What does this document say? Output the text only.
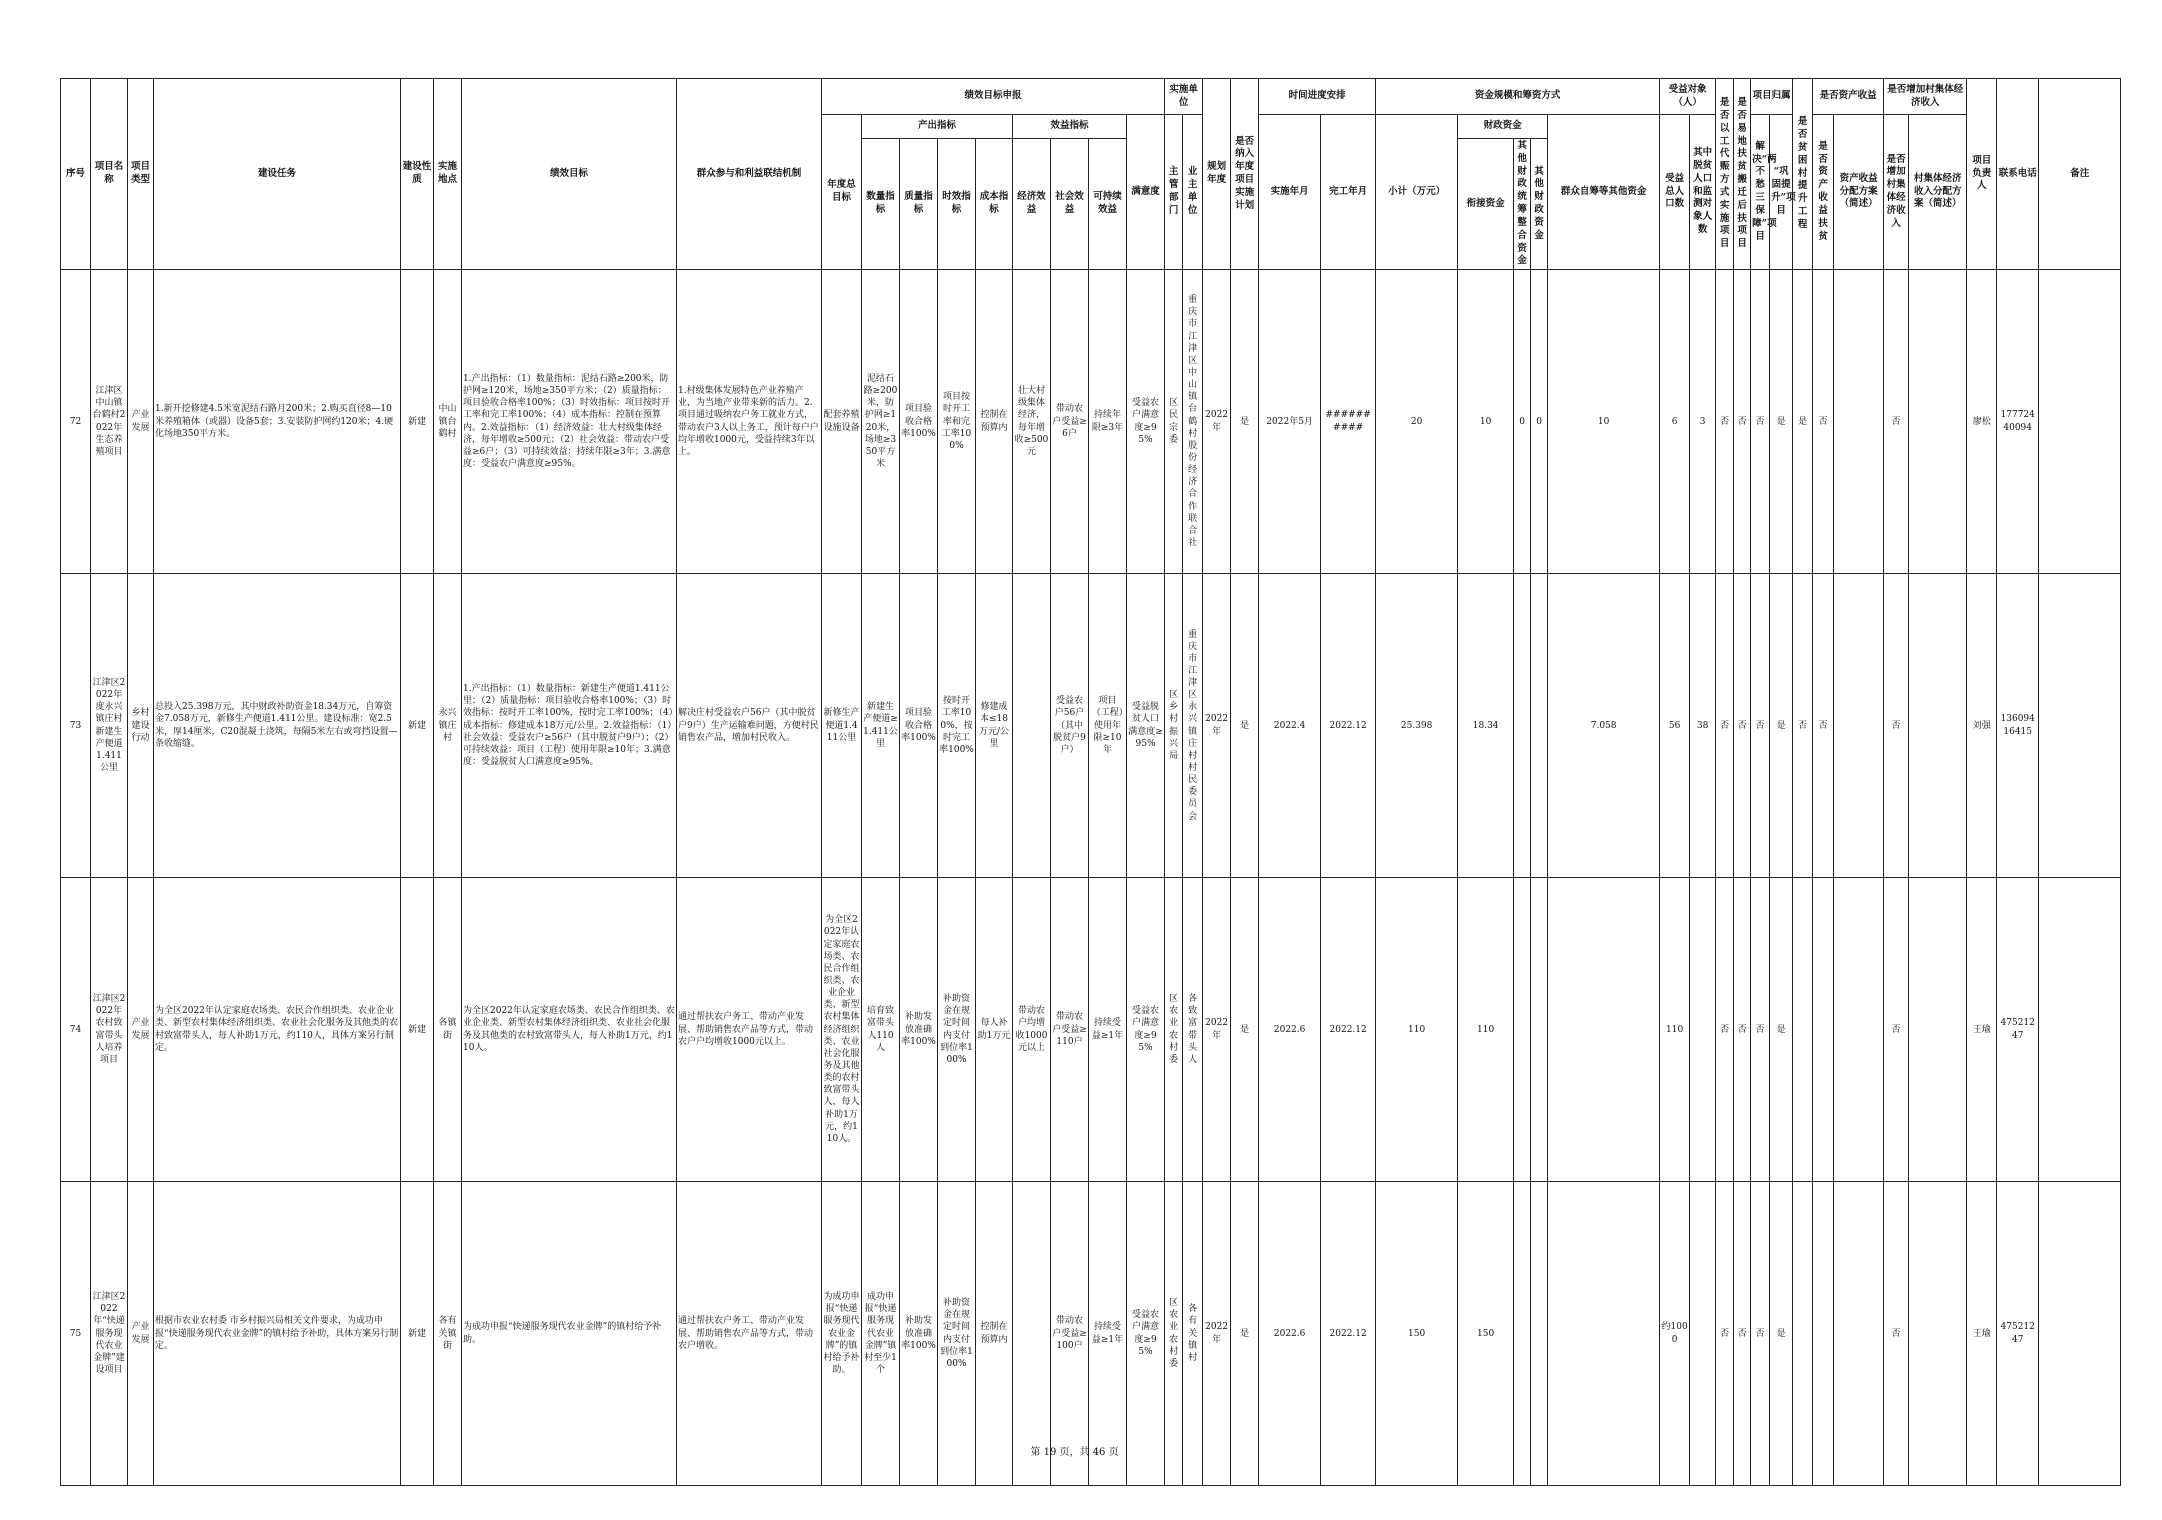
序号	项目名称	项目类型	建设任务	建设性质	实施地点	绩效目标	群众参与和利益联结机制	绩效目标申报									实施单位		规划年度	是否纳入年度项目实施计划	时间进度安排		资金规模和筹资方式					受益对象（人）		是否以工代赈方式实施项目	是否易地扶贫搬迁后扶项目	项目归属		是否贫困村提升工程	是否资产收益		是否增加村集体经济收入		项目负责人	联系电话	备注
								年度总目标	产出指标				效益指标			满意度	主管部门	业主单位			实施年月	完工年月	小计（万元）	财政资金			群众自筹等其他资金	受益总人口数	其中脱贫人口和监测对象人数			解决“两不愁三保障”项目	“巩固提升”项目		是否资产收益扶贫	资产收益分配方案（简述）	是否增加村集体经济收入	村集体经济收入分配方案（简述）			
									数量指标	质量指标	时效指标	成本指标	经济效益	社会效益	可持续效益									衔接资金	其他财政统筹整合资金	其他财政资金															

72	江津区中山镇台鹤村2022年生态养殖项目	产业发展	1.新开挖修建4.5米宽泥结石路月200米；2.购买直径8—10米养殖箱体（或器）设备5套；3.安装防护网约120米；4.硬化场地350平方米。	新建	中山镇台鹤村	1.产出指标：（1）数量指标：泥结石路≥200米，防护网≥120米，场地≥350平方米；（2）质量指标：项目验收合格率100%；（3）时效指标：项目按时开工率和完工率100%；（4）成本指标：控制在预算内。2.效益指标：（1）经济效益：壮大村级集体经济，每年增收≥500元；（2）社会效益：带动农户受益≥6户；（3）可持续效益：持续年限≥3年；3.满意度：受益农户满意度≥95%。	1.村级集体发展特色产业养殖产业，为当地产业带来新的活力。2.项目通过吸纳农户务工就业方式，带动农户3人以上务工，预计每户户均年增收1000元，受益持续3年以上。	配套养殖设施设备	泥结石路≥200米，防护网≥120米，场地≥350平方米	项目验收合格率100%	项目按时开工率和完工率100%	控制在预算内	壮大村级集体经济，每年增收≥500元	带动农户受益≥6户	持续年限≥3年	受益农户满意度≥95%	区民宗委	重庆市江津区中山镇台鹤村股份经济合作联合社	2022年	是	2022年5月	##########	20	10	0	0	10	6	3	否	否	否	是	是	否		否		廖松	17772440094	
73	江津区2022年度永兴镇庄村新建生产便道1.411公里	乡村建设行动	总投入25.398万元，其中财政补助资金18.34万元，自筹资金7.058万元，新修生产便道1.411公里。建设标准：宽2.5米，厚14厘米，C20混凝土浇筑，每隔5米左右或弯挡设置—条收缩缝。	新建	永兴镇庄村	1.产出指标：（1）数量指标：新建生产便道1.411公里；（2）质量指标：项目验收合格率100%；（3）时效指标：按时开工率100%，按时完工率100%；（4）成本指标：修建成本18万元/公里。2.效益指标：（1）社会效益：受益农户≥56户（其中脱贫户9户）；（2）可持续效益：项目（工程）使用年限≥10年；3.满意度：受益脱贫人口满意度≥95%。	解决庄村受益农户56户（其中脱贫户9户）生产运输难问题，方便村民销售农产品，增加村民收入。	新修生产便道1.411公里	新建生产便道≥1.411公里	项目验收合格率100%	按时开工率100%，按时完工率100%	修建成本≤18万元/公里		受益农户56户（其中脱贫户9户）	项目（工程）使用年限≥10年	受益脱贫人口满意度≥95%	区乡村振兴局	重庆市江津区永兴镇庄村村民委员会	2022年	是	2022.4	2022.12	25.398	18.34			7.058	56	38	否	否	否	是	否	否		否		刘强	13609416415	
74	江津区2022年农村致富带头人培养项目	产业发展	为全区2022年认定家庭农场类、农民合作组织类、农业企业类、新型农村集体经济组织类、农业社会化服务及其他类的农村致富带头人，每人补助1万元，约110人，具体方案另行制定。	新建	各镇街	为全区2022年认定家庭农场类、农民合作组织类、农业企业类、新型农村集体经济组织类、农业社会化服务及其他类的农村致富带头人，每人补助1万元，约110人。	通过帮扶农户务工、带动产业发展、帮助销售农产品等方式，带动农户户均增收1000元以上。	为全区2022年认定家庭农场类、农民合作组织类、农业企业类、新型农村集体经济组织类、农业社会化服务及其他类的农村致富带头人，每人补助1万元，约110人。	培育致富带头人110人	补助发放准确率100%	补助资金在规定时间内支付到位率100%	每人补助1万元	带动农户均增收1000元以上	带动农户受益≥110户	持续受益≥1年	受益农户满意度≥95%	区农业农村委	各致富带头人	2022年	是	2022.6	2022.12	110	110				110		否	否	否	是				否		王瑜	47521247	
75	江津区2022年“快递服务现代农业金牌”建设项目	产业发展	根据市农业农村委 市乡村振兴局相关文件要求，为成功申报“快递服务现代农业金牌”的镇村给予补助，具体方案另行制定。	新建	各有关镇街	为成功申报“快递服务现代农业金牌”的镇村给予补助。	通过帮扶农户务工、带动产业发展、帮助销售农产品等方式，带动农户增收。	为成功申报“快递服务现代农业金牌”的镇村给予补助。	成功申报“快递服务现代农业金牌”镇村至少1个	补助发放准确率100%	补助资金在规定时间内支付到位率100%	控制在预算内		带动农户受益≥100户	持续受益≥1年	受益农户满意度≥95%	区农业农村委	各有关镇村	2022年	是	2022.6	2022.12	150	150				约1000		否	否	否	是				否		王瑜	47521247	
第 19 页，共 46 页
